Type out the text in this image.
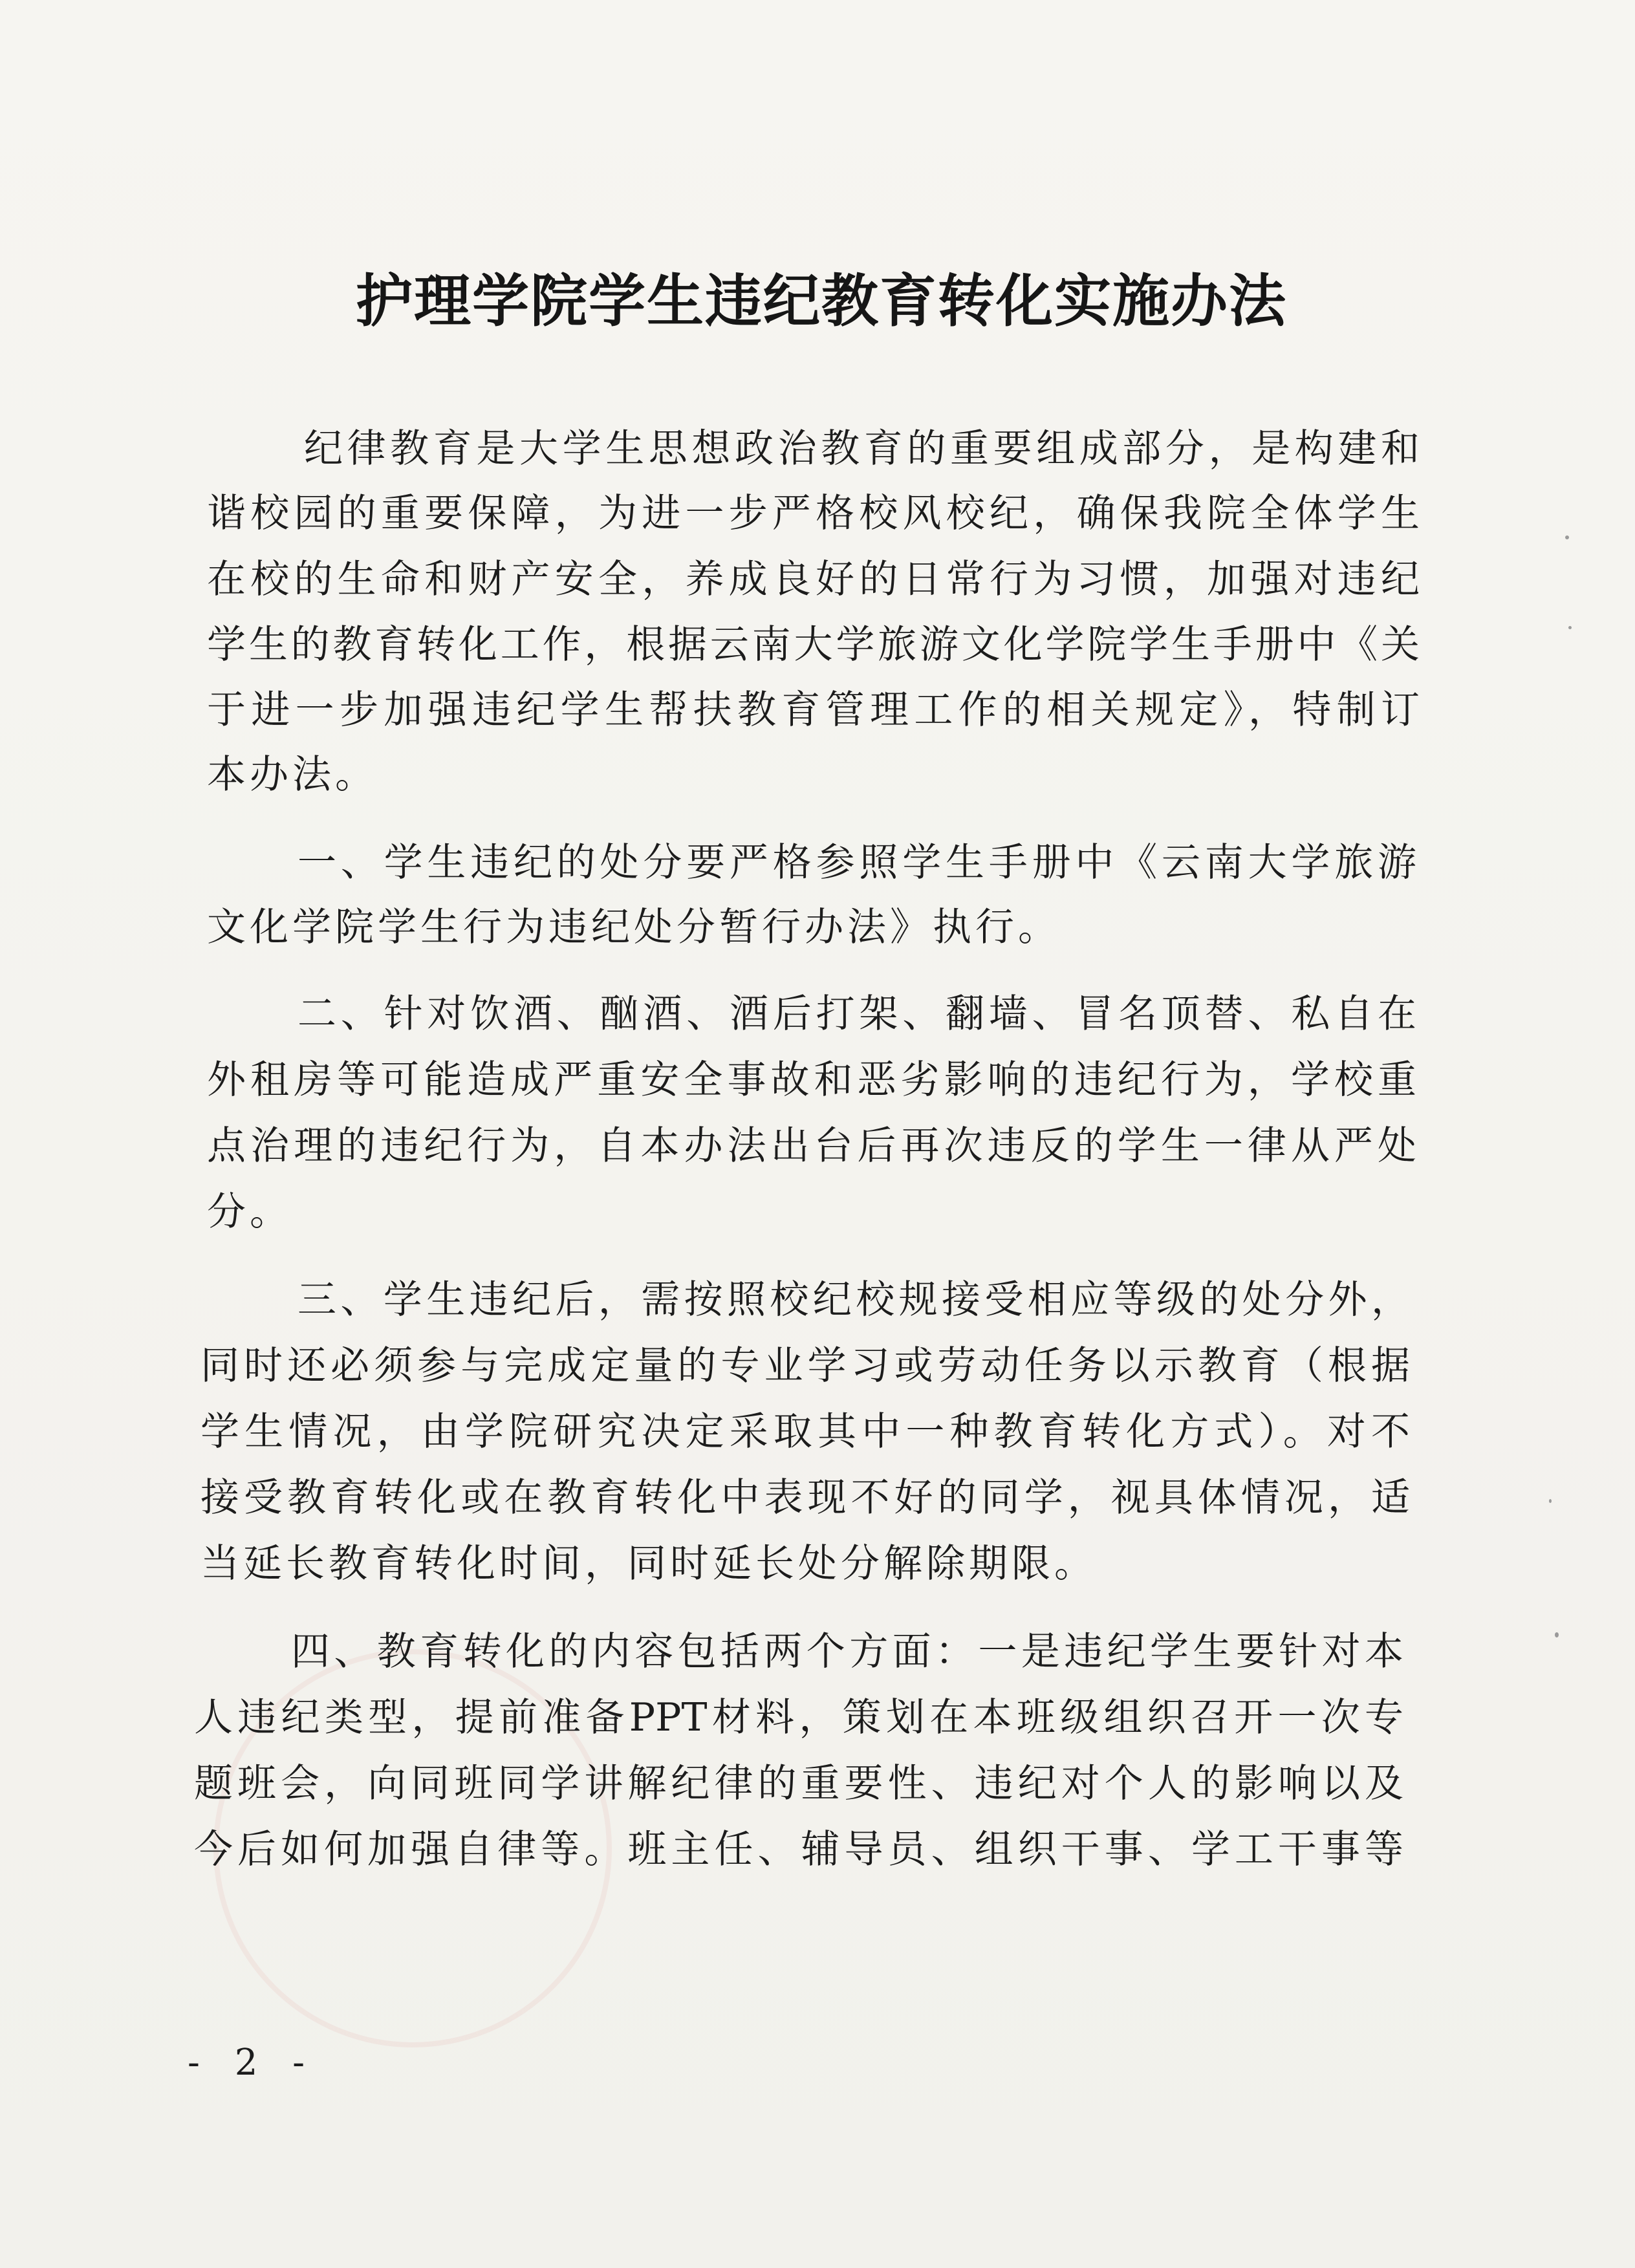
护理学院学生违纪教育转化实施办法
纪律教育是大学生思想政治教育的重要组成部分，是构建和
谐校园的重要保障，为进一步严格校风校纪，确保我院全体学生
在校的生命和财产安全，养成良好的日常行为习惯，加强对违纪
学生的教育转化工作，根据云南大学旅游文化学院学生手册中《关
于进一步加强违纪学生帮扶教育管理工作的相关规定》，特制订
本办法。
一、学生违纪的处分要严格参照学生手册中《云南大学旅游
文化学院学生行为违纪处分暂行办法》执行。
二、针对饮酒、酗酒、酒后打架、翻墙、冒名顶替、私自在
外租房等可能造成严重安全事故和恶劣影响的违纪行为，学校重
点治理的违纪行为，自本办法出台后再次违反的学生一律从严处
分。
三、学生违纪后，需按照校纪校规接受相应等级的处分外，
同时还必须参与完成定量的专业学习或劳动任务以示教育（根据
学生情况，由学院研究决定采取其中一种教育转化方式）。对不
接受教育转化或在教育转化中表现不好的同学，视具体情况，适
当延长教育转化时间，同时延长处分解除期限。
四、教育转化的内容包括两个方面：一是违纪学生要针对本
人违纪类型，提前准备PPT材料，策划在本班级组织召开一次专
题班会，向同班同学讲解纪律的重要性、违纪对个人的影响以及
今后如何加强自律等。班主任、辅导员、组织干事、学工干事等
- 2 -
